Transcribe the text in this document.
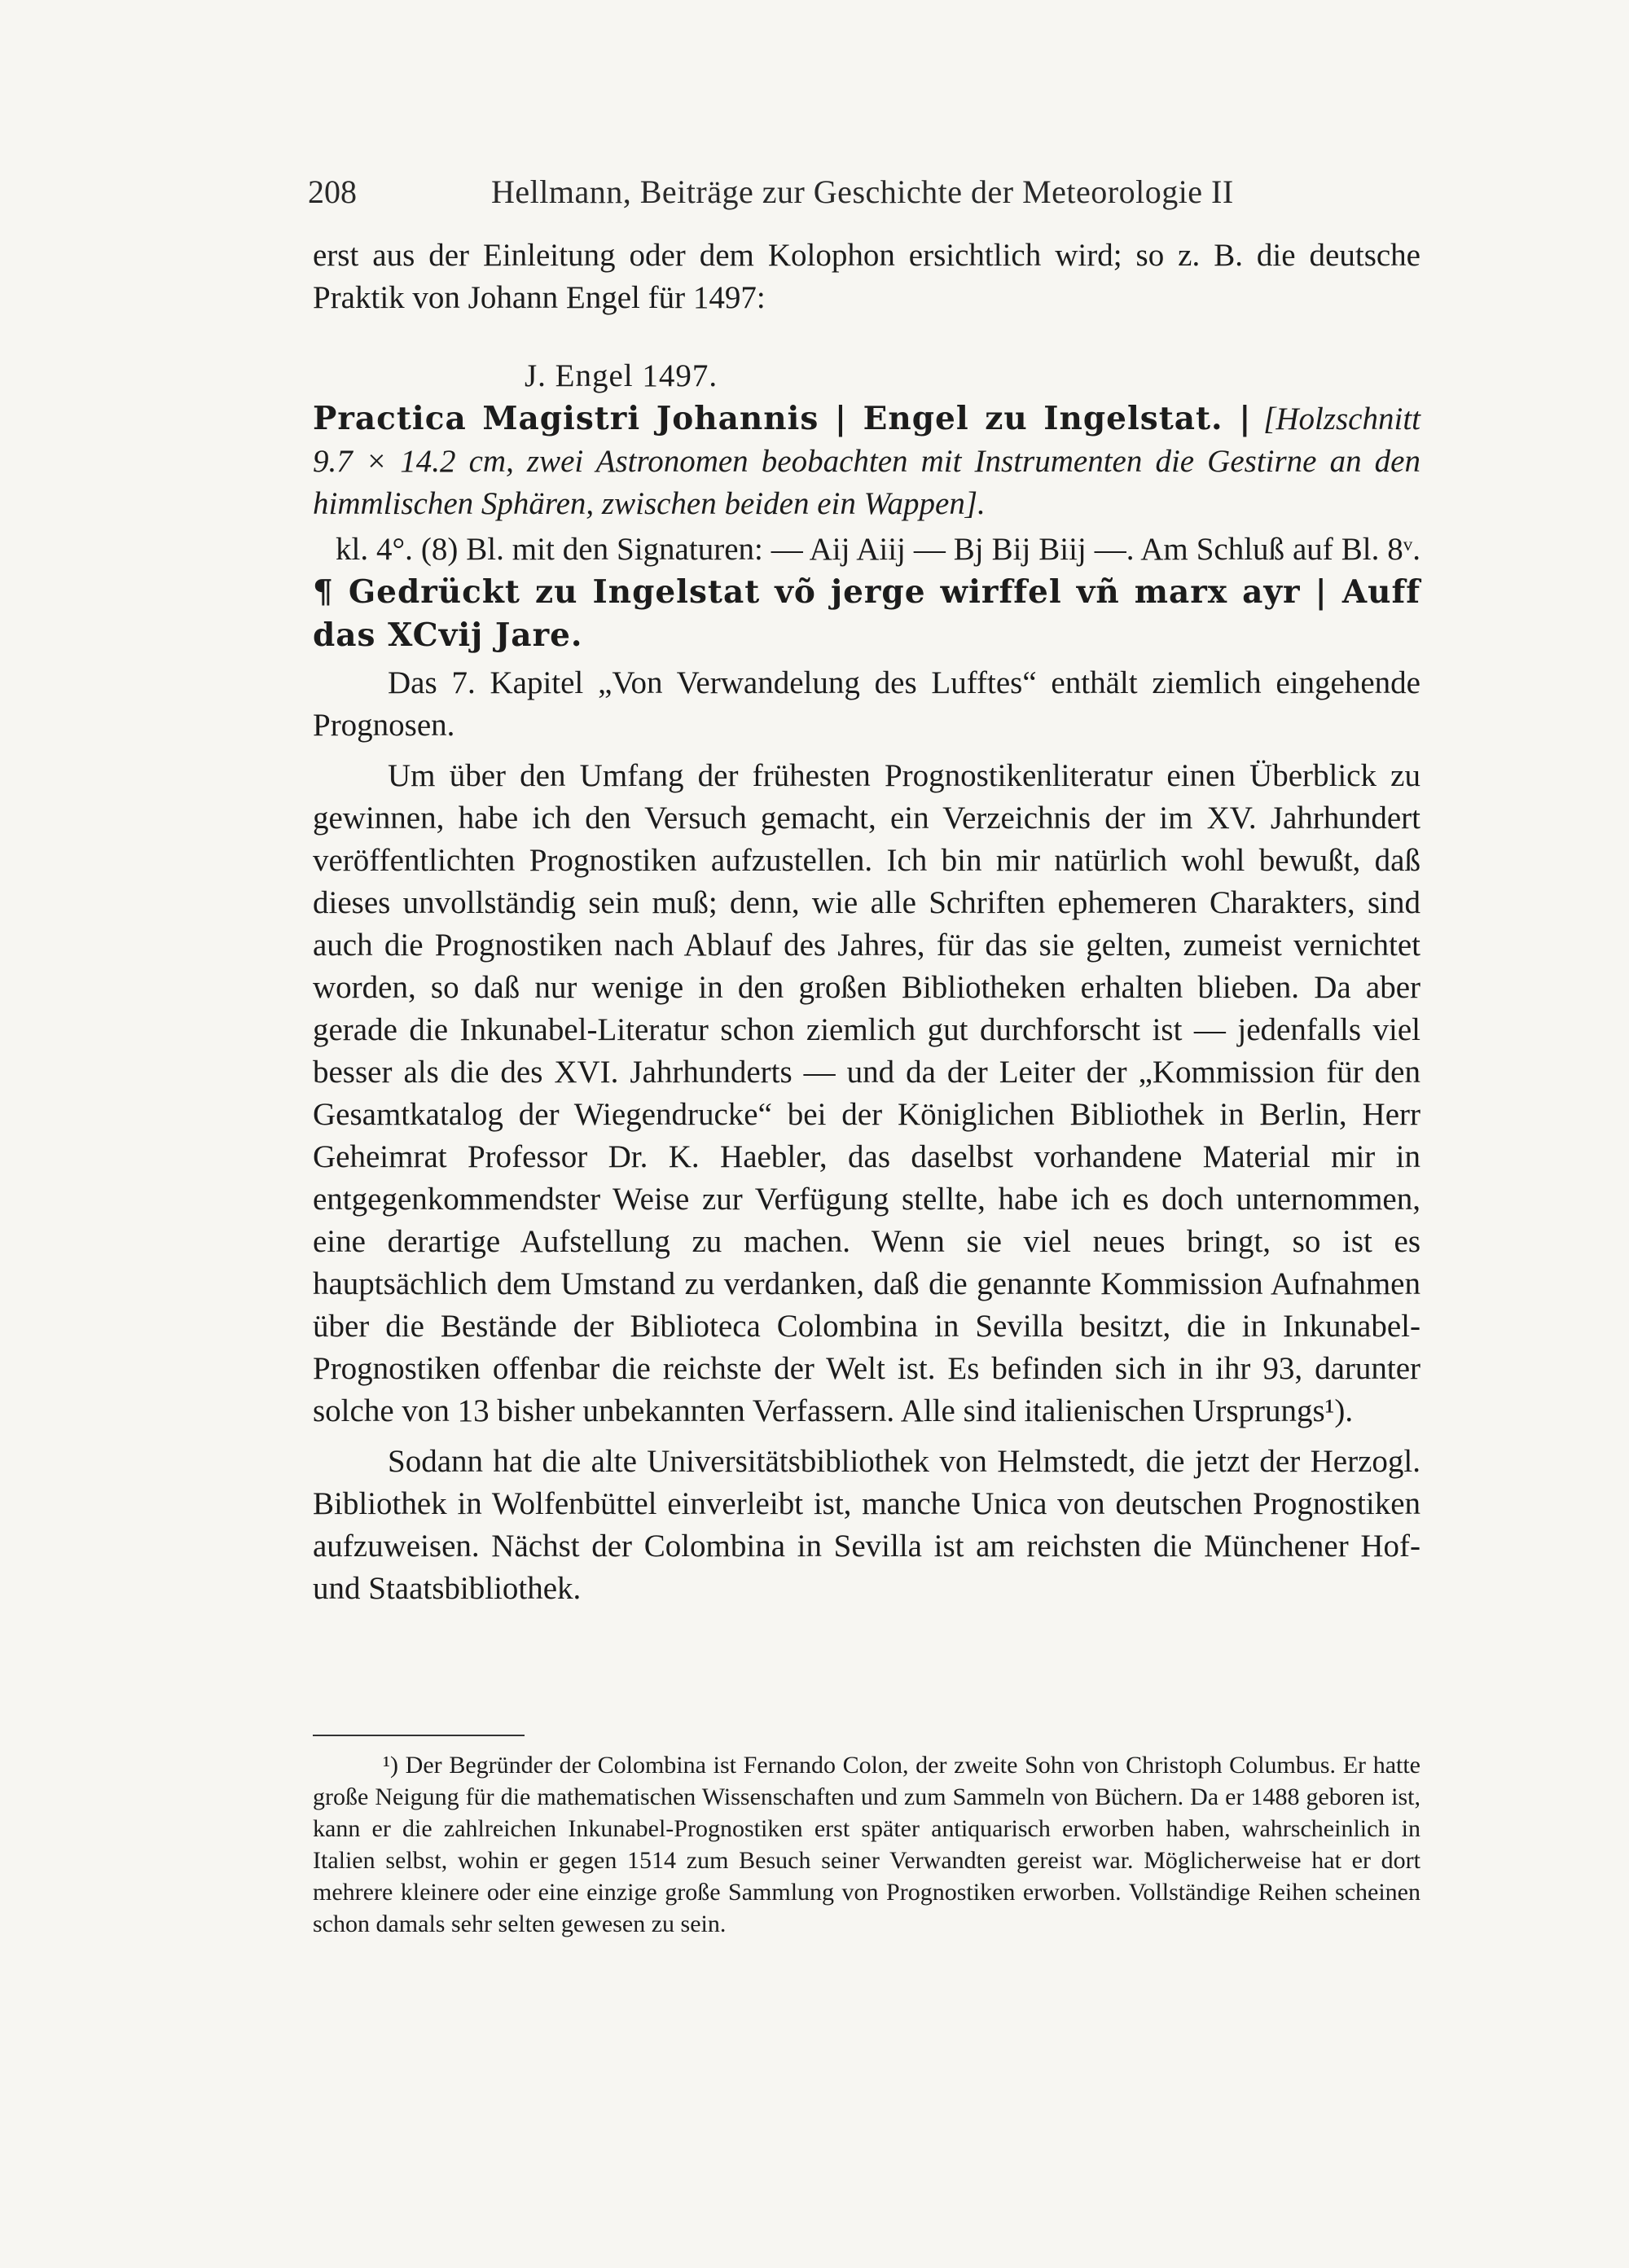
208	Hellmann, Beiträge zur Geschichte der Meteorologie II

erst aus der Einleitung oder dem Kolophon ersichtlich wird; so z. B. die deutsche Praktik von Johann Engel für 1497:

J. Engel 1497.

Practica Magistri Johannis | Engel zu Ingelstat. | [Holzschnitt 9.7 × 14.2 cm, zwei Astronomen beobachten mit Instrumenten die Gestirne an den himmlischen Sphären, zwischen beiden ein Wappen].

kl. 4°. (8) Bl. mit den Signaturen: — Aij Aiij — Bj Bij Biij —. Am Schluß auf Bl. 8ᵛ. ¶ Gedrückt zu Ingelstat võ jerge wirffel vñ marx ayr | Auff das XCvij Jare.

Das 7. Kapitel „Von Verwandelung des Lufftes“ enthält ziemlich eingehende Prognosen.

Um über den Umfang der frühesten Prognostikenliteratur einen Überblick zu gewinnen, habe ich den Versuch gemacht, ein Verzeichnis der im XV. Jahrhundert veröffentlichten Prognostiken aufzustellen. Ich bin mir natürlich wohl bewußt, daß dieses unvollständig sein muß; denn, wie alle Schriften ephemeren Charakters, sind auch die Prognostiken nach Ablauf des Jahres, für das sie gelten, zumeist vernichtet worden, so daß nur wenige in den großen Bibliotheken erhalten blieben. Da aber gerade die Inkunabel-Literatur schon ziemlich gut durchforscht ist — jedenfalls viel besser als die des XVI. Jahrhunderts — und da der Leiter der „Kommission für den Gesamtkatalog der Wiegendrucke“ bei der Königlichen Bibliothek in Berlin, Herr Geheimrat Professor Dr. K. Haebler, das daselbst vorhandene Material mir in entgegenkommendster Weise zur Verfügung stellte, habe ich es doch unternommen, eine derartige Aufstellung zu machen. Wenn sie viel neues bringt, so ist es hauptsächlich dem Umstand zu verdanken, daß die genannte Kommission Aufnahmen über die Bestände der Biblioteca Colombina in Sevilla besitzt, die in Inkunabel-Prognostiken offenbar die reichste der Welt ist. Es befinden sich in ihr 93, darunter solche von 13 bisher unbekannten Verfassern. Alle sind italienischen Ursprungs¹).

Sodann hat die alte Universitätsbibliothek von Helmstedt, die jetzt der Herzogl. Bibliothek in Wolfenbüttel einverleibt ist, manche Unica von deutschen Prognostiken aufzuweisen. Nächst der Colombina in Sevilla ist am reichsten die Münchener Hof- und Staatsbibliothek.

¹) Der Begründer der Colombina ist Fernando Colon, der zweite Sohn von Christoph Columbus. Er hatte große Neigung für die mathematischen Wissenschaften und zum Sammeln von Büchern. Da er 1488 geboren ist, kann er die zahlreichen Inkunabel-Prognostiken erst später antiquarisch erworben haben, wahrscheinlich in Italien selbst, wohin er gegen 1514 zum Besuch seiner Verwandten gereist war. Möglicherweise hat er dort mehrere kleinere oder eine einzige große Sammlung von Prognostiken erworben. Vollständige Reihen scheinen schon damals sehr selten gewesen zu sein.
